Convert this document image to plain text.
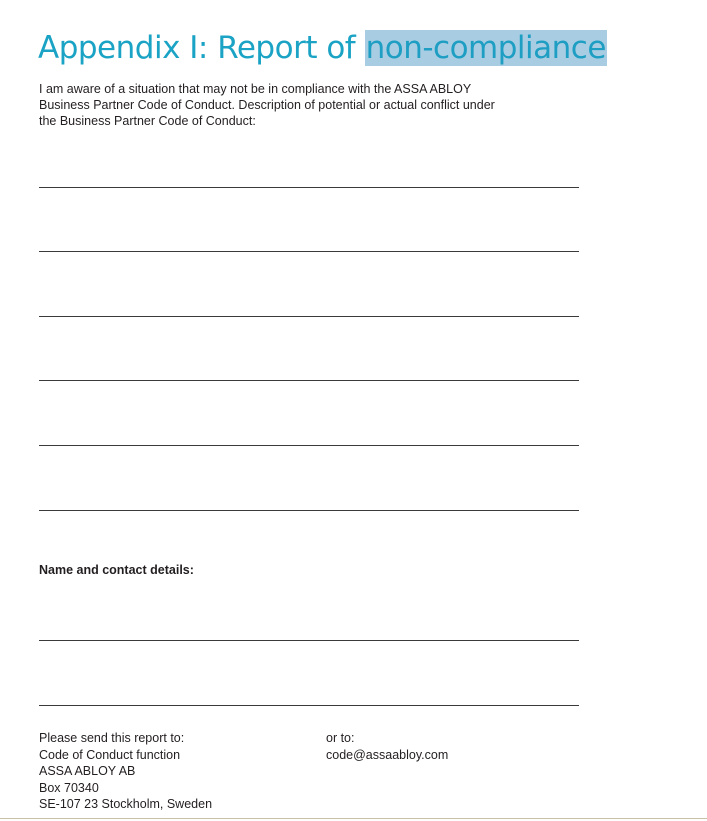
Appendix I: Report of non-compliance

I am aware of a situation that may not be in compliance with the ASSA ABLOY
Business Partner Code of Conduct. Description of potential or actual conflict under
the Business Partner Code of Conduct:

Name and contact details:

Please send this report to:
Code of Conduct function
ASSA ABLOY AB
Box 70340
SE-107 23 Stockholm, Sweden
or to:
code@assaabloy.com
